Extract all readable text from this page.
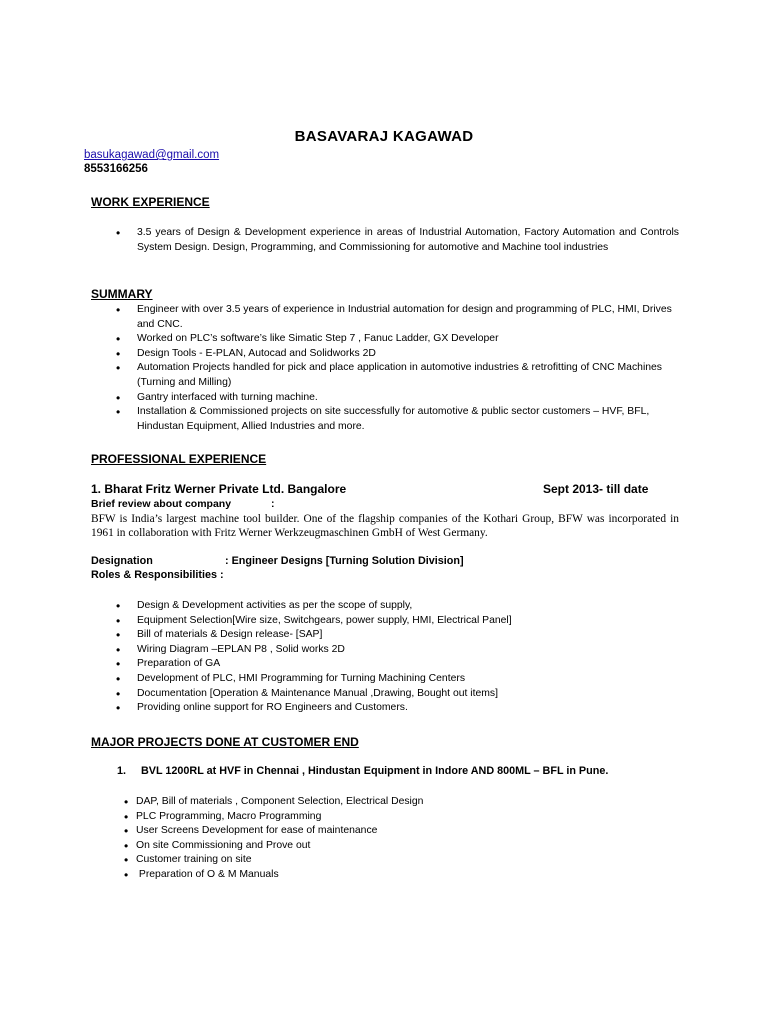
BASAVARAJ KAGAWAD
basukagawad@gmail.com
8553166256
WORK EXPERIENCE
• 3.5 years of Design & Development experience in areas of Industrial Automation, Factory Automation and Controls System Design. Design, Programming, and Commissioning for automotive and Machine tool industries
SUMMARY
• Engineer with over 3.5 years of experience in Industrial automation for design and programming of PLC, HMI, Drives and CNC.
• Worked on PLC’s software’s like Simatic Step 7 , Fanuc Ladder, GX Developer
• Design Tools - E-PLAN, Autocad and Solidworks 2D
• Automation Projects handled for pick and place application in automotive industries & retrofitting of CNC Machines (Turning and Milling)
• Gantry interfaced with turning machine.
• Installation & Commissioned projects on site successfully for automotive & public sector customers – HVF, BFL, Hindustan Equipment, Allied Industries and more.
PROFESSIONAL EXPERIENCE
1. Bharat Fritz Werner Private Ltd. Bangalore	Sept 2013- till date
Brief review about company	:
BFW is India’s largest machine tool builder. One of the flagship companies of the Kothari Group, BFW was incorporated in 1961 in collaboration with Fritz Werner Werkzeugmaschinen GmbH of West Germany.
Designation	: Engineer Designs [Turning Solution Division]
Roles & Responsibilities :
• Design & Development activities as per the scope of supply,
• Equipment Selection[Wire size, Switchgears, power supply, HMI, Electrical Panel]
• Bill of materials & Design release- [SAP]
• Wiring Diagram –EPLAN P8 , Solid works 2D
• Preparation of GA
• Development of PLC, HMI Programming for Turning Machining Centers
• Documentation [Operation & Maintenance Manual ,Drawing, Bought out items]
• Providing online support for RO Engineers and Customers.
MAJOR PROJECTS DONE AT CUSTOMER END
1.     BVL 1200RL at HVF in Chennai , Hindustan Equipment in Indore AND 800ML – BFL in Pune.
• DAP, Bill of materials , Component Selection, Electrical Design
• PLC Programming, Macro Programming
• User Screens Development for ease of maintenance
• On site Commissioning and Prove out
• Customer training on site
•  Preparation of O & M Manuals
